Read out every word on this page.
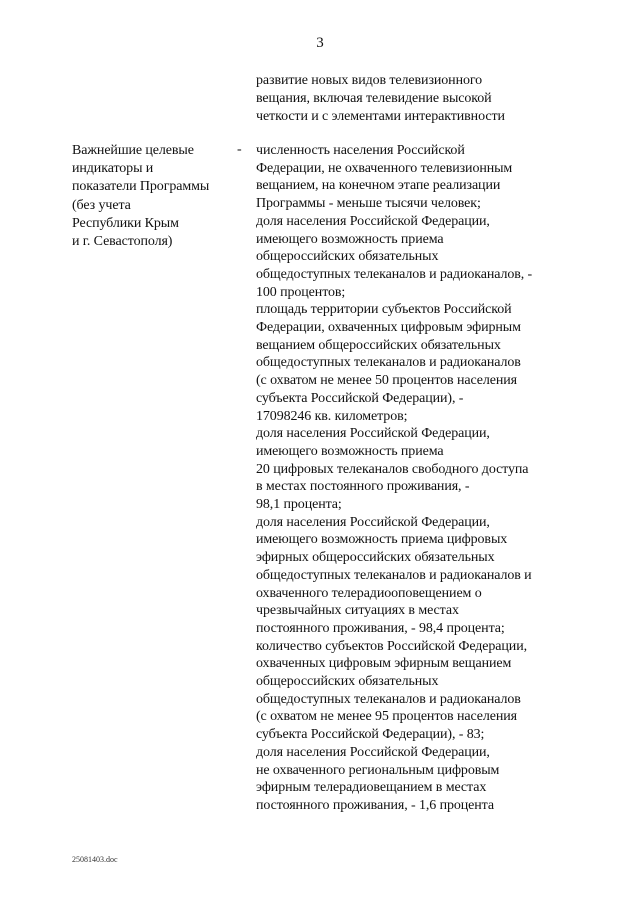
3

развитие новых видов телевизионного

вещания, включая телевидение высокой

четкости и с элементами интерактивности

Важнейшие целевые

индикаторы и

показатели Программы

(без учета

Республики Крым

и г. Севастополя)

- численность населения Российской

Федерации, не охваченного телевизионным

вещанием, на конечном этапе реализации

Программы - меньше тысячи человек;

доля населения Российской Федерации,

имеющего возможность приема

общероссийских обязательных

общедоступных телеканалов и радиоканалов, -

100 процентов;

площадь территории субъектов Российской

Федерации, охваченных цифровым эфирным

вещанием общероссийских обязательных

общедоступных телеканалов и радиоканалов

(с охватом не менее 50 процентов населения

субъекта Российской Федерации), -

17098246 кв. километров;

доля населения Российской Федерации,

имеющего возможность приема

20 цифровых телеканалов свободного доступа

в местах постоянного проживания, -

98,1 процента;

доля населения Российской Федерации,

имеющего возможность приема цифровых

эфирных общероссийских обязательных

общедоступных телеканалов и радиоканалов и

охваченного телерадиооповещением о

чрезвычайных ситуациях в местах

постоянного проживания, - 98,4 процента;

количество субъектов Российской Федерации,

охваченных цифровым эфирным вещанием

общероссийских обязательных

общедоступных телеканалов и радиоканалов

(с охватом не менее 95 процентов населения

субъекта Российской Федерации), - 83;

доля населения Российской Федерации,

не охваченного региональным цифровым

эфирным телерадиовещанием в местах

постоянного проживания, - 1,6 процента

25081403.doc
